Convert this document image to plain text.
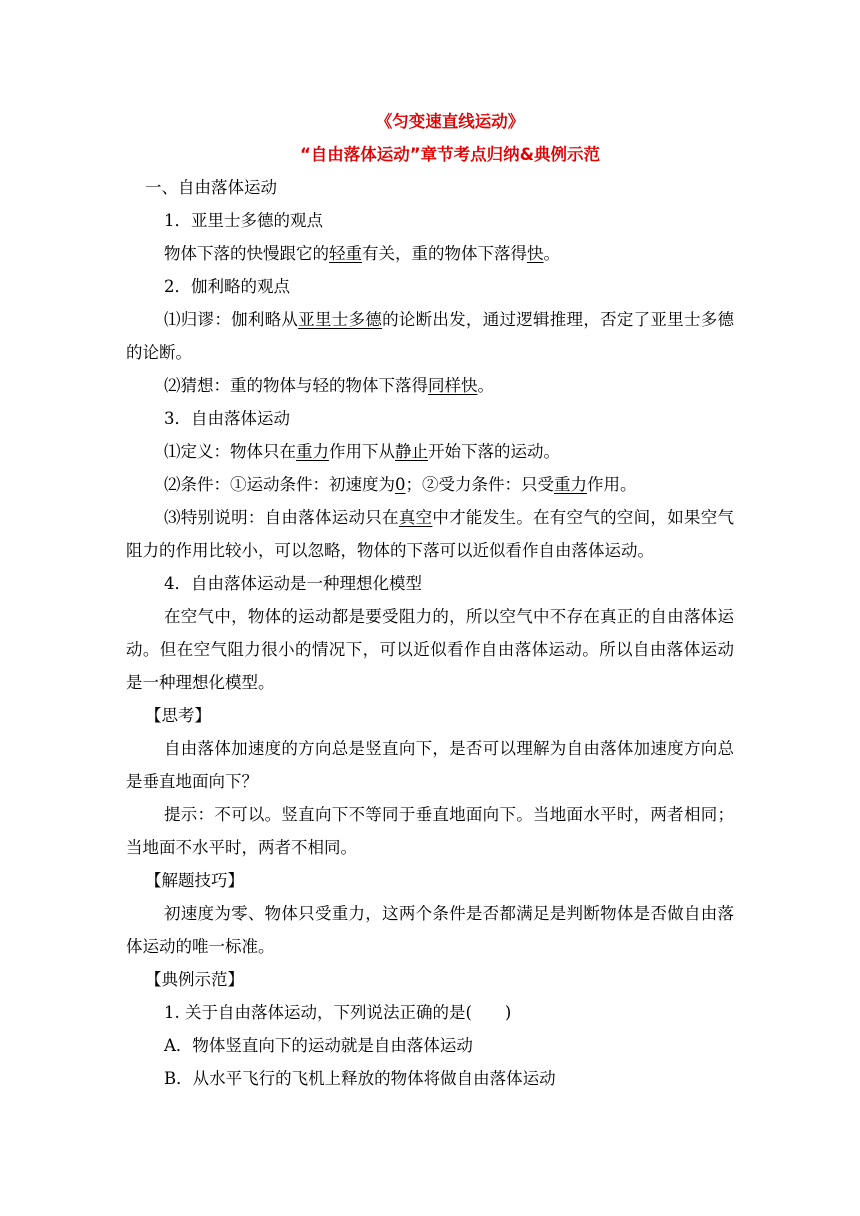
《匀变速直线运动》

“自由落体运动”章节考点归纳&典例示范

一、自由落体运动

1．亚里士多德的观点

物体下落的快慢跟它的轻重有关，重的物体下落得快。

2．伽利略的观点

⑴归谬：伽利略从亚里士多德的论断出发，通过逻辑推理，否定了亚里士多德的论断。

⑵猜想：重的物体与轻的物体下落得同样快。

3．自由落体运动

⑴定义：物体只在重力作用下从静止开始下落的运动。

⑵条件：①运动条件：初速度为0；②受力条件：只受重力作用。

⑶特别说明：自由落体运动只在真空中才能发生。在有空气的空间，如果空气阻力的作用比较小，可以忽略，物体的下落可以近似看作自由落体运动。

4．自由落体运动是一种理想化模型

在空气中，物体的运动都是要受阻力的，所以空气中不存在真正的自由落体运动。但在空气阻力很小的情况下，可以近似看作自由落体运动。所以自由落体运动是一种理想化模型。

【思考】

自由落体加速度的方向总是竖直向下，是否可以理解为自由落体加速度方向总是垂直地面向下？

提示：不可以。竖直向下不等同于垂直地面向下。当地面水平时，两者相同；当地面不水平时，两者不相同。

【解题技巧】

初速度为零、物体只受重力，这两个条件是否都满足是判断物体是否做自由落体运动的唯一标准。

【典例示范】

1. 关于自由落体运动，下列说法正确的是(　　)

A．物体竖直向下的运动就是自由落体运动

B．从水平飞行的飞机上释放的物体将做自由落体运动
